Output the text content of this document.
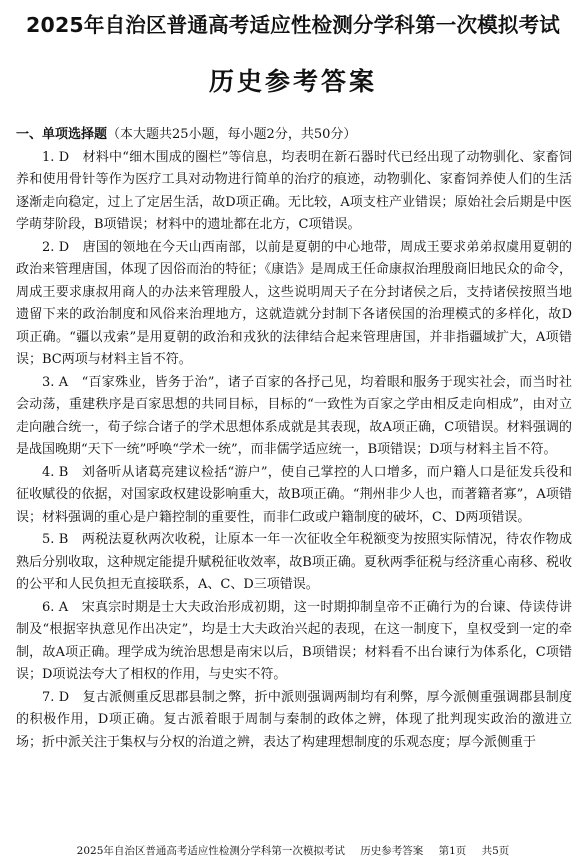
2025年自治区普通高考适应性检测分学科第一次模拟考试
历史参考答案
一、单项选择题（本大题共25小题，每小题2分，共50分）

1. D　 材料中“细木围成的圈栏”等信息，均表明在新石器时代已经出现了动物驯化、家畜饲养和使用骨针等作为医疗工具对动物进行简单的治疗的痕迹，动物驯化、家畜饲养使人们的生活逐渐走向稳定，过上了定居生活，故D项正确。无比较，A项支柱产业错误；原始社会后期是中医学萌芽阶段，B项错误；材料中的遗址都在北方，C项错误。

2. D　 唐国的领地在今天山西南部，以前是夏朝的中心地带，周成王要求弟弟叔虞用夏朝的政治来管理唐国，体现了因俗而治的特征；《康诰》是周成王任命康叔治理殷商旧地民众的命令，周成王要求康叔用商人的办法来管理殷人，这些说明周天子在分封诸侯之后，支持诸侯按照当地遗留下来的政治制度和风俗来治理地方，这就造就分封制下各诸侯国的治理模式的多样化，故D项正确。“疆以戎索”是用夏朝的政治和戎狄的法律结合起来管理唐国，并非指疆域扩大，A项错误；BC两项与材料主旨不符。

3. A　 “百家殊业，皆务于治”，诸子百家的各抒己见，均着眼和服务于现实社会，而当时社会动荡，重建秩序是百家思想的共同目标，目标的“一致性为百家之学由相反走向相成”，由对立走向融合统一，荀子综合诸子的学术思想体系成就是其表现，故A项正确，C项错误。材料强调的是战国晚期“天下一统”呼唤“学术一统”，而非儒学适应统一，B项错误；D项与材料主旨不符。

4. B　 刘备听从诸葛亮建议检括“游户”，使自己掌控的人口增多，而户籍人口是征发兵役和征收赋役的依据，对国家政权建设影响重大，故B项正确。“荆州非少人也，而著籍者寡”，A项错误；材料强调的重心是户籍控制的重要性，而非仁政或户籍制度的破坏，C、D两项错误。

5. B　 两税法夏秋两次收税，让原本一年一次征收全年税额变为按照实际情况，待农作物成熟后分别收取，这种规定能提升赋税征收效率，故B项正确。夏秋两季征税与经济重心南移、税收的公平和人民负担无直接联系，A、C、D三项错误。

6. A　 宋真宗时期是士大夫政治形成初期，这一时期抑制皇帝不正确行为的台谏、侍读侍讲制及“根据宰执意见作出决定”，均是士大夫政治兴起的表现，在这一制度下，皇权受到一定的牵制，故A项正确。理学成为统治思想是南宋以后，B项错误；材料看不出台谏行为体系化，C项错误；D项说法夸大了相权的作用，与史实不符。

7. D　 复古派侧重反思郡县制之弊，折中派则强调两制均有利弊，厚今派侧重强调郡县制度的积极作用，D项正确。复古派着眼于周制与秦制的政体之辨，体现了批判现实政治的激进立场；折中派关注于集权与分权的治道之辨，表达了构建理想制度的乐观态度；厚今派侧重于

2025年自治区普通高考适应性检测分学科第一次模拟考试 历史参考答案 第1页 共5页
